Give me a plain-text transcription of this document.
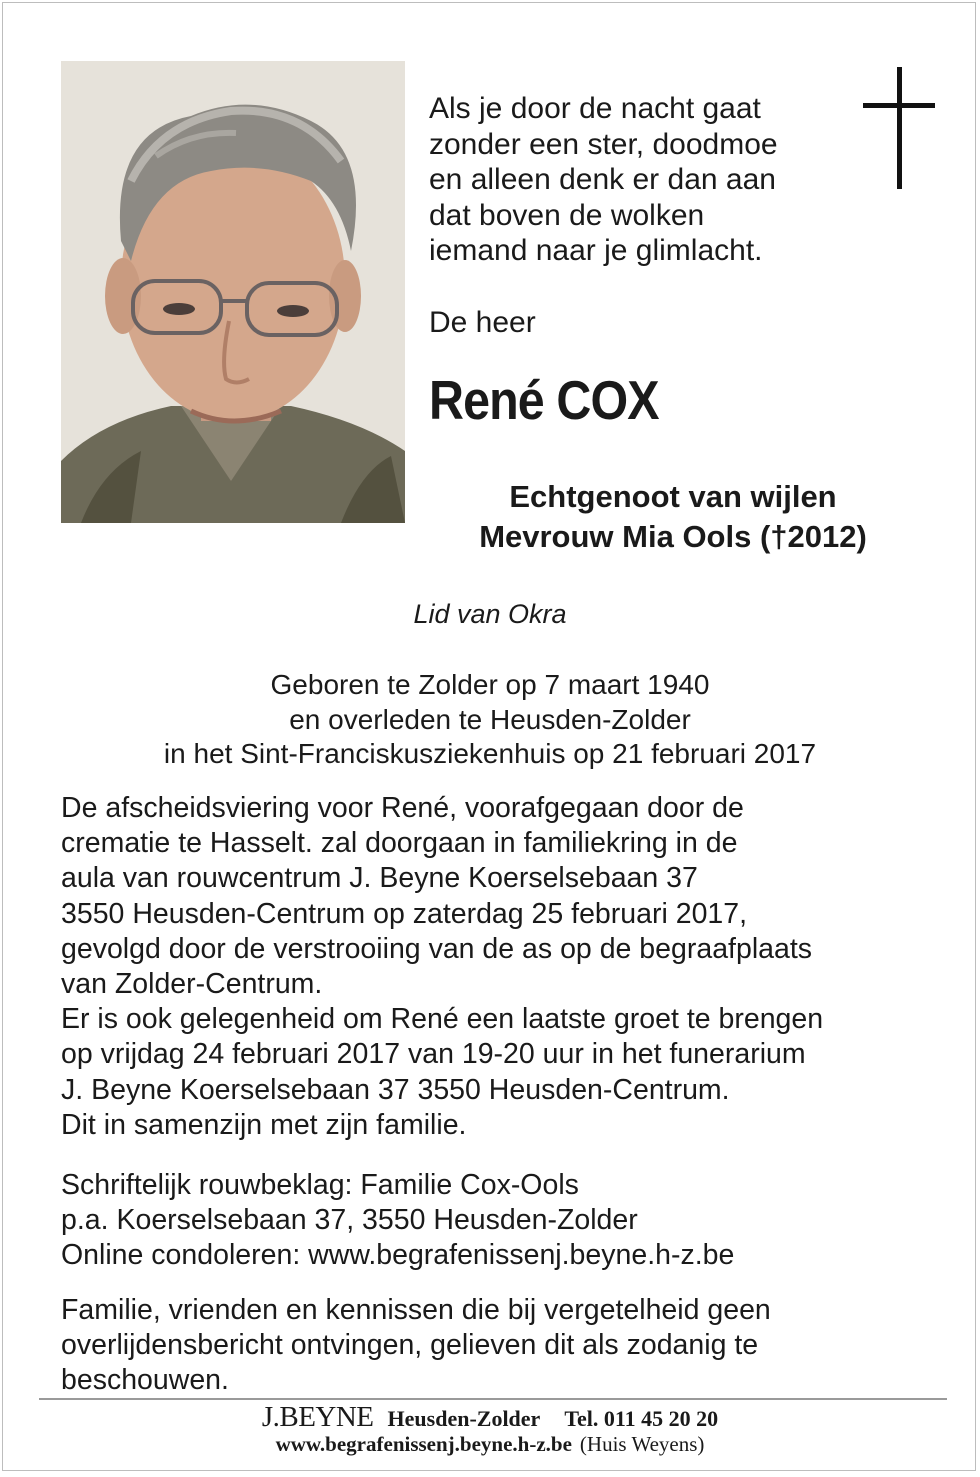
Als je door de nacht gaat
zonder een ster, doodmoe
en alleen denk er dan aan
dat boven de wolken
iemand naar je glimlacht.
De heer
René COX
Echtgenoot van wijlen
Mevrouw Mia Ools (†2012)
Lid van Okra
Geboren te Zolder op 7 maart 1940
en overleden te Heusden-Zolder
in het Sint-Franciskusziekenhuis op 21 februari 2017
De afscheidsviering voor René, voorafgegaan door de
crematie te Hasselt. zal doorgaan in familiekring in de
aula van rouwcentrum J. Beyne Koerselsebaan 37
3550 Heusden-Centrum op zaterdag 25 februari 2017,
gevolgd door de verstrooiing van de as op de begraafplaats
van Zolder-Centrum.
Er is ook gelegenheid om René een laatste groet te brengen
op vrijdag 24 februari 2017 van 19-20 uur in het funerarium
J. Beyne Koerselsebaan 37 3550 Heusden-Centrum.
Dit in samenzijn met zijn familie.
Schriftelijk rouwbeklag: Familie Cox-Ools
p.a. Koerselsebaan 37, 3550 Heusden-Zolder
Online condoleren: www.begrafenissenj.beyne.h-z.be
Familie, vrienden en kennissen die bij vergetelheid geen
overlijdensbericht ontvingen, gelieven dit als zodanig te
beschouwen.
J.BEYNE Heusden-Zolder Tel. 011 45 20 20
www.begrafenissenj.beyne.h-z.be (Huis Weyens)
